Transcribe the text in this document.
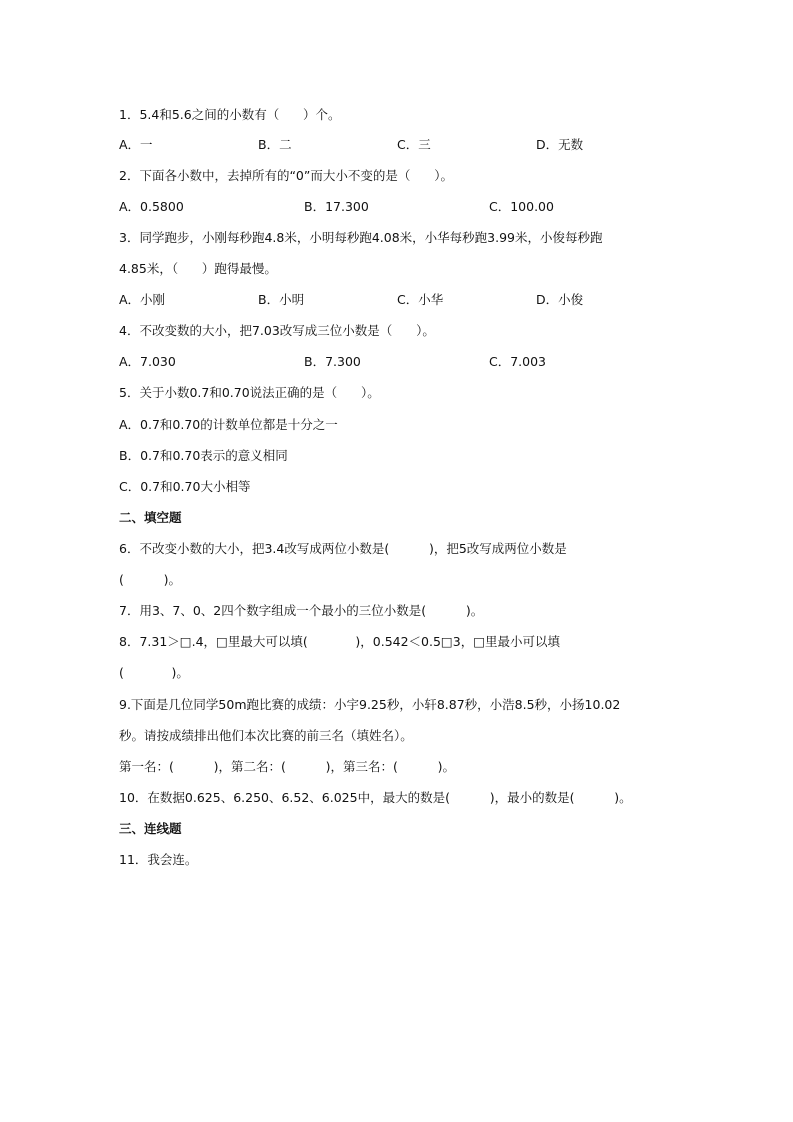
1．5.4和5.6之间的小数有（      ）个。
A．一	B．二	C．三	D．无数
2．下面各小数中，去掉所有的“0”而大小不变的是（      ）。
A．0.5800	B．17.300	C．100.00
3．同学跑步，小刚每秒跑4.8米，小明每秒跑4.08米，小华每秒跑3.99米，小俊每秒跑
4.85米，（      ）跑得最慢。
A．小刚	B．小明	C．小华	D．小俊
4．不改变数的大小，把7.03改写成三位小数是（      ）。
A．7.030	B．7.300	C．7.003
5．关于小数0.7和0.70说法正确的是（      ）。
A．0.7和0.70的计数单位都是十分之一
B．0.7和0.70表示的意义相同
C．0.7和0.70大小相等
二、填空题
6．不改变小数的大小，把3.4改写成两位小数是(          )，把5改写成两位小数是
(          )。
7．用3、7、0、2四个数字组成一个最小的三位小数是(          )。
8．7.31＞□.4，□里最大可以填(            )，0.542＜0.5□3，□里最小可以填
(            )。
9.下面是几位同学50m跑比赛的成绩：小宇9.25秒，小轩8.87秒，小浩8.5秒，小扬10.02
秒。请按成绩排出他们本次比赛的前三名（填姓名）。
第一名：(          )，第二名：(          )，第三名：(          )。
10．在数据0.625、6.250、6.52、6.025中，最大的数是(          )，最小的数是(          )。
三、连线题
11．我会连。
